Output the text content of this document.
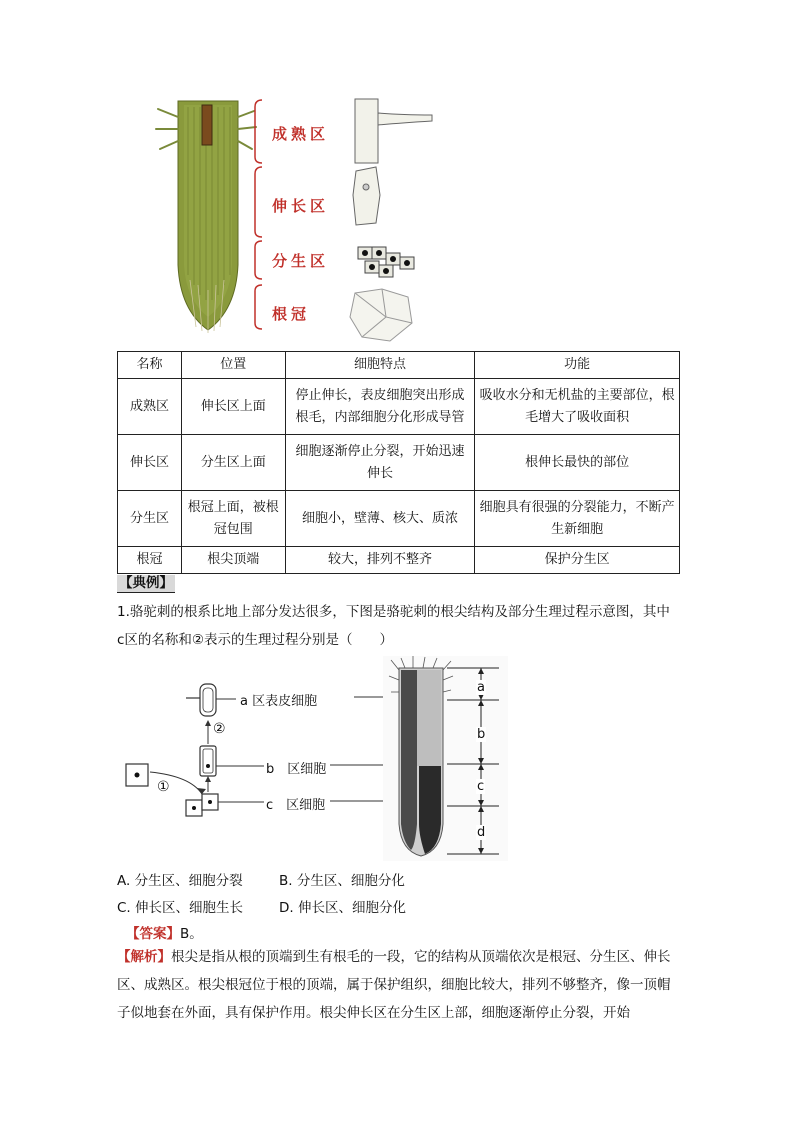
成熟区
伸长区
分生区
根冠
名称	位置	细胞特点	功能
成熟区	伸长区上面	停止伸长，表皮细胞突出形成根毛，内部细胞分化形成导管	吸收水分和无机盐的主要部位，根毛增大了吸收面积
伸长区	分生区上面	细胞逐渐停止分裂，开始迅速伸长	根伸长最快的部位
分生区	根冠上面，被根冠包围	细胞小，壁薄、核大、质浓	细胞具有很强的分裂能力，不断产生新细胞
根冠	根尖顶端	较大，排列不整齐	保护分生区
【典例】
1.骆驼刺的根系比地上部分发达很多，下图是骆驼刺的根尖结构及部分生理过程示意图，其中 c区的名称和②表示的生理过程分别是（　　）
①
②
a 区表皮细胞
b　区细胞
c　区细胞
a
b
c
d
A. 分生区、细胞分裂	B. 分生区、细胞分化
C. 伸长区、细胞生长	D. 伸长区、细胞分化
【答案】B。
【解析】根尖是指从根的顶端到生有根毛的一段，它的结构从顶端依次是根冠、分生区、伸长区、成熟区。根尖根冠位于根的顶端，属于保护组织，细胞比较大，排列不够整齐，像一顶帽子似地套在外面，具有保护作用。根尖伸长区在分生区上部，细胞逐渐停止分裂，开始
